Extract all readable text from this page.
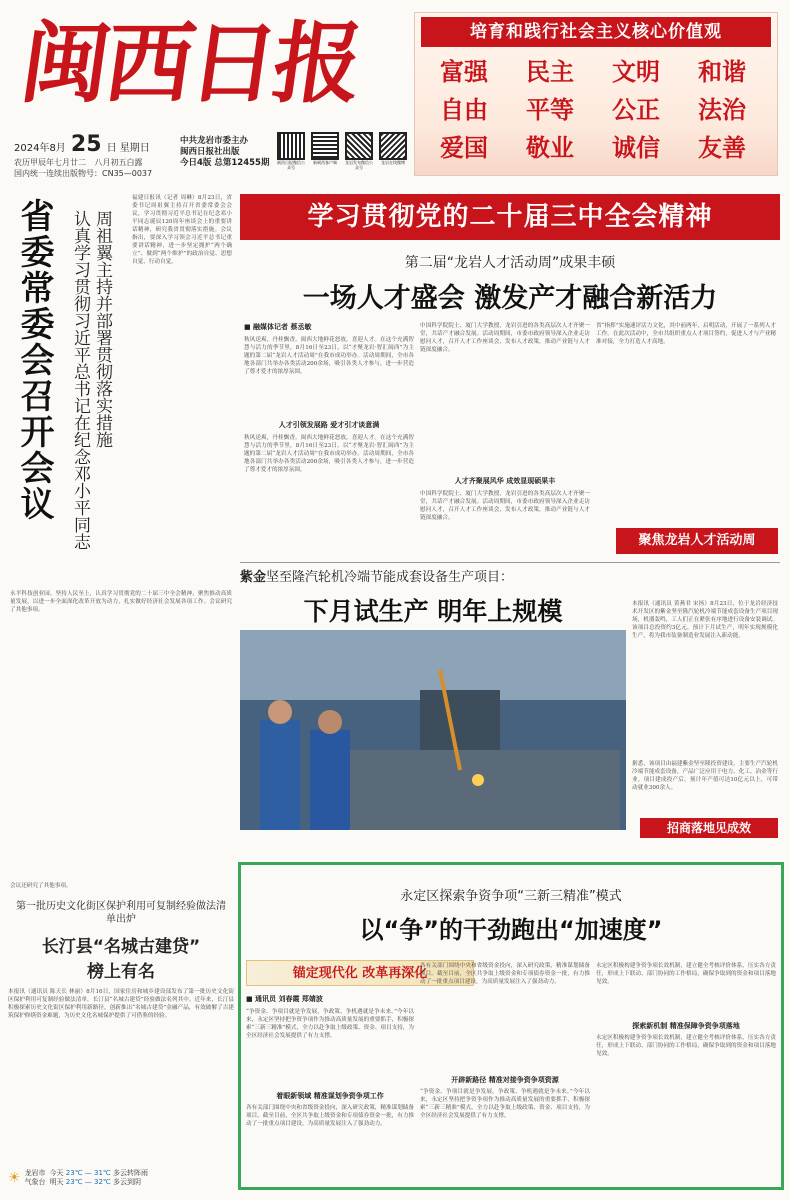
闽西日报
2024年8月 25 日 星期日
农历甲辰年七月廿二 八月初五白露
国内统一连续出版物号：CN35—0037
中共龙岩市委主办
闽西日报社出版
今日4版 总第12455期 闽西日报微信公众号
新闽西客户端	龙岩发布微信公众号
龙岩在线微博
培育和践行社会主义核心价值观
富强	民主	文明	和谐
自由	平等	公正	法治
爱国	敬业	诚信	友善
省委常委会召开会议 周祖翼主持并部署贯彻落实措施
认真学习贯彻习近平总书记在纪念邓小平同志
福建日报讯（记者 周琳）8月23日，省委书记周祖翼主持召开省委常委会会议，学习贯彻习近平总书记在纪念邓小平同志诞辰120周年座谈会上的重要讲话精神，研究我省贯彻落实措施。会议指出，要深入学习领会习近平总书记重要讲话精神，进一步坚定拥护“两个确立”、做到“两个维护”的政治自觉、思想自觉、行动自觉。
永平科技创业园。坚持人民至上，认真学习贯彻党的二十届三中全会精神，聚焦推动高质量发展，以进一步全面深化改革开放为动力，扎实做好经济社会发展各项工作。会议研究了其他事项。
会议还研究了其他事项。
学习贯彻党的二十届三中全会精神
第二届“龙岩人才活动周”成果丰硕
一场人才盛会 激发产才融合新活力
■ 融媒体记者 蔡丞敏
秋风送爽，丹桂飘香。闽西大地鲜花怒放，喜迎人才。在这个充满智慧与活力的季节里，8月16日至23日，以“才聚龙岩·智汇闽西”为主题的第二届“龙岩人才活动周”在我市成功举办。活动周期间，全市各地各部门共举办各类活动200余场，吸引各类人才参与，进一步营造了尊才爱才的浓厚氛围。
人才引领发展路 爱才引才谈意满
秋风送爽，丹桂飘香。闽西大地鲜花怒放，喜迎人才。在这个充满智慧与活力的季节里，8月16日至23日，以“才聚龙岩·智汇闽西”为主题的第二届“龙岩人才活动周”在我市成功举办。活动周期间，全市各地各部门共举办各类活动200余场，吸引各类人才参与，进一步营造了尊才爱才的浓厚氛围。
中国科学院院士、厦门大学教授，龙岩引进的各类高层次人才齐聚一堂，共话产才融合发展。活动周期间，市委市政府领导深入企业走访慰问人才，召开人才工作座谈会，发布人才政策，推动产业链与人才链深度融合。
人才齐聚展风华 成效显现硕果丰
中国科学院院士、厦门大学教授，龙岩引进的各类高层次人才齐聚一堂，共话产才融合发展。活动周期间，市委市政府领导深入企业走访慰问人才，召开人才工作座谈会，发布人才政策，推动产业链与人才链深度融合。
省“指挥”实施速评活力文化，其中前两年，启明活动，开展了一系列人才工作。在此次活动中，全市共组织重点人才项目签约，促进人才与产业精准对接，全力打造人才高地。
聚焦龙岩人才活动周
紫金坚至隆汽轮机冷端节能成套设备生产项目：
下月试生产 明年上规模	本报讯（通讯员 黄燕君 宋扬）8月23日，位于龙岩经济技术开发区的紫金坚至隆汽轮机冷端节能成套设备生产项目现场，机器轰鸣，工人们正在紧张有序地进行设备安装调试。该项目总投资约3亿元，预计下月试生产，明年实现规模化生产，将为我市装备制造业发展注入新动能。
据悉，该项目由福建紫金坚至隆投资建设，主要生产汽轮机冷端节能成套设备，产品广泛应用于电力、化工、冶金等行业。项目建成投产后，预计年产值可达10亿元以上，可带动就业300余人。
招商落地见成效
第一批历史文化街区保护利用可复制经验做法清单出炉
长汀县“名城古建贷”
榜上有名
本报讯（通讯员 陈天长 林丽）8月16日，国家住房和城乡建设部发布了第一批历史文化街区保护利用可复制经验做法清单，长汀县“名城古建贷”经验做法名列其中。近年来，长汀县积极探索历史文化街区保护利用新路径，创新推出“名城古建贷”金融产品，有效破解了古建筑保护修缮资金难题，为历史文化名城保护提供了可借鉴的经验。
永定区探索争资争项“三新三精准”模式
以“争”的干劲跑出“加速度”
锚定现代化 改革再深化
■ 通讯员 刘春霞 郑婧波
“争资金、争项目就是争发展，争政策、争机遇就是争未来。”今年以来，永定区坚持把争资争项作为推动高质量发展的重要抓手，积极探索“三新三精准”模式，全力以赴争取上级政策、资金、项目支持，为全区经济社会发展提供了有力支撑。
着眼新领域 精准谋划争资争项工作
各有关部门围绕中央和省级资金投向，深入研究政策，精准谋划储备项目。截至目前，全区共争取上级资金和专项债券资金一批，有力推动了一批重点项目建设，为高质量发展注入了强劲动力。
各有关部门围绕中央和省级资金投向，深入研究政策，精准谋划储备项目。截至目前，全区共争取上级资金和专项债券资金一批，有力推动了一批重点项目建设，为高质量发展注入了强劲动力。
开辟新路径 精准对接争资争项资源
“争资金、争项目就是争发展，争政策、争机遇就是争未来。”今年以来，永定区坚持把争资争项作为推动高质量发展的重要抓手，积极探索“三新三精准”模式，全力以赴争取上级政策、资金、项目支持，为全区经济社会发展提供了有力支撑。
永定区积极构建争资争项长效机制，建立健全考核评价体系，压实各方责任，形成上下联动、部门协同的工作格局，确保争取到的资金和项目落地见效。
探索新机制 精准保障争资争项落地
永定区积极构建争资争项长效机制，建立健全考核评价体系，压实各方责任，形成上下联动、部门协同的工作格局，确保争取到的资金和项目落地见效。
☀ 龙岩市
气象台
今天 23℃ — 31℃ 多云转阵雨
明天 23℃ — 32℃ 多云到阴
